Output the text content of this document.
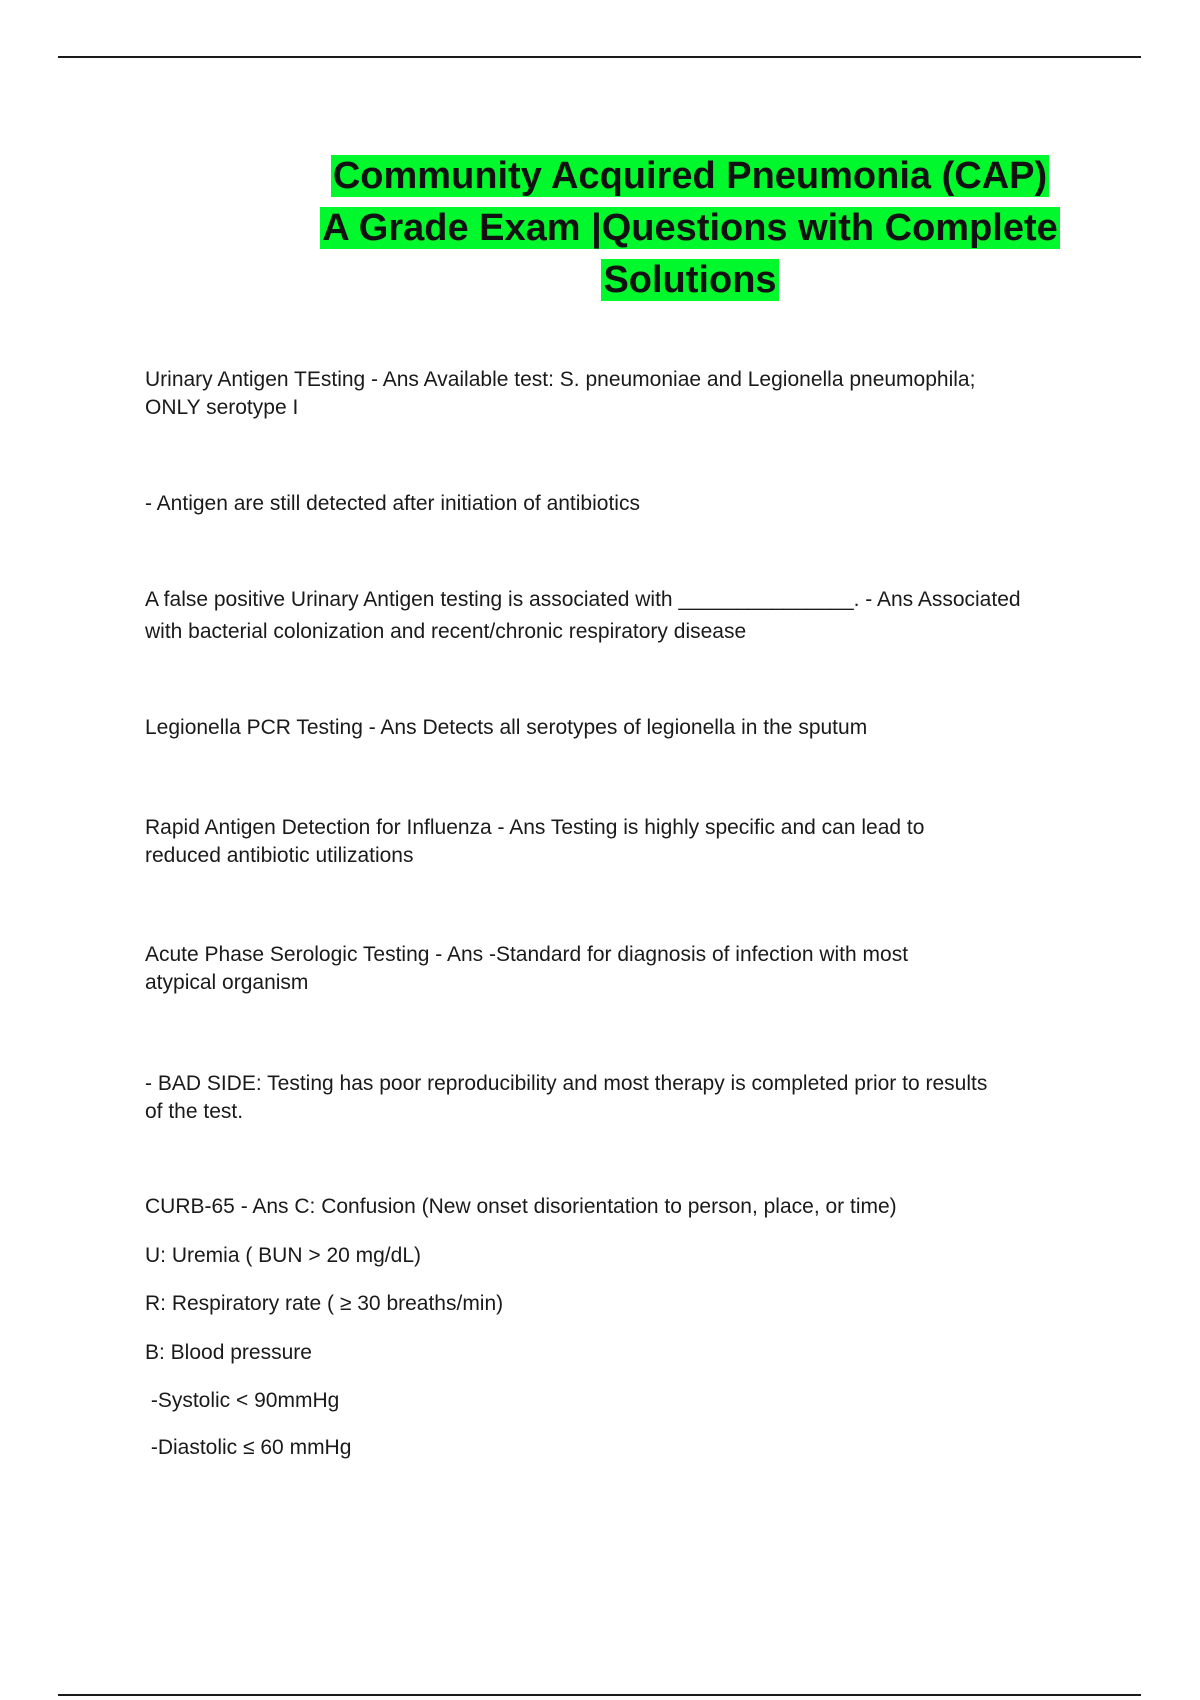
Community Acquired Pneumonia (CAP)
A Grade Exam |Questions with Complete
Solutions

Urinary Antigen TEsting - Ans Available test: S. pneumoniae and Legionella pneumophila;
ONLY serotype I

- Antigen are still detected after initiation of antibiotics

A false positive Urinary Antigen testing is associated with _______________. - Ans Associated
with bacterial colonization and recent/chronic respiratory disease

Legionella PCR Testing - Ans Detects all serotypes of legionella in the sputum

Rapid Antigen Detection for Influenza - Ans Testing is highly specific and can lead to
reduced antibiotic utilizations

Acute Phase Serologic Testing - Ans -Standard for diagnosis of infection with most
atypical organism

- BAD SIDE: Testing has poor reproducibility and most therapy is completed prior to results
of the test.

CURB-65 - Ans C: Confusion (New onset disorientation to person, place, or time)

U: Uremia ( BUN > 20 mg/dL)

R: Respiratory rate ( ≥ 30 breaths/min)

B: Blood pressure

-Systolic < 90mmHg

-Diastolic ≤ 60 mmHg
